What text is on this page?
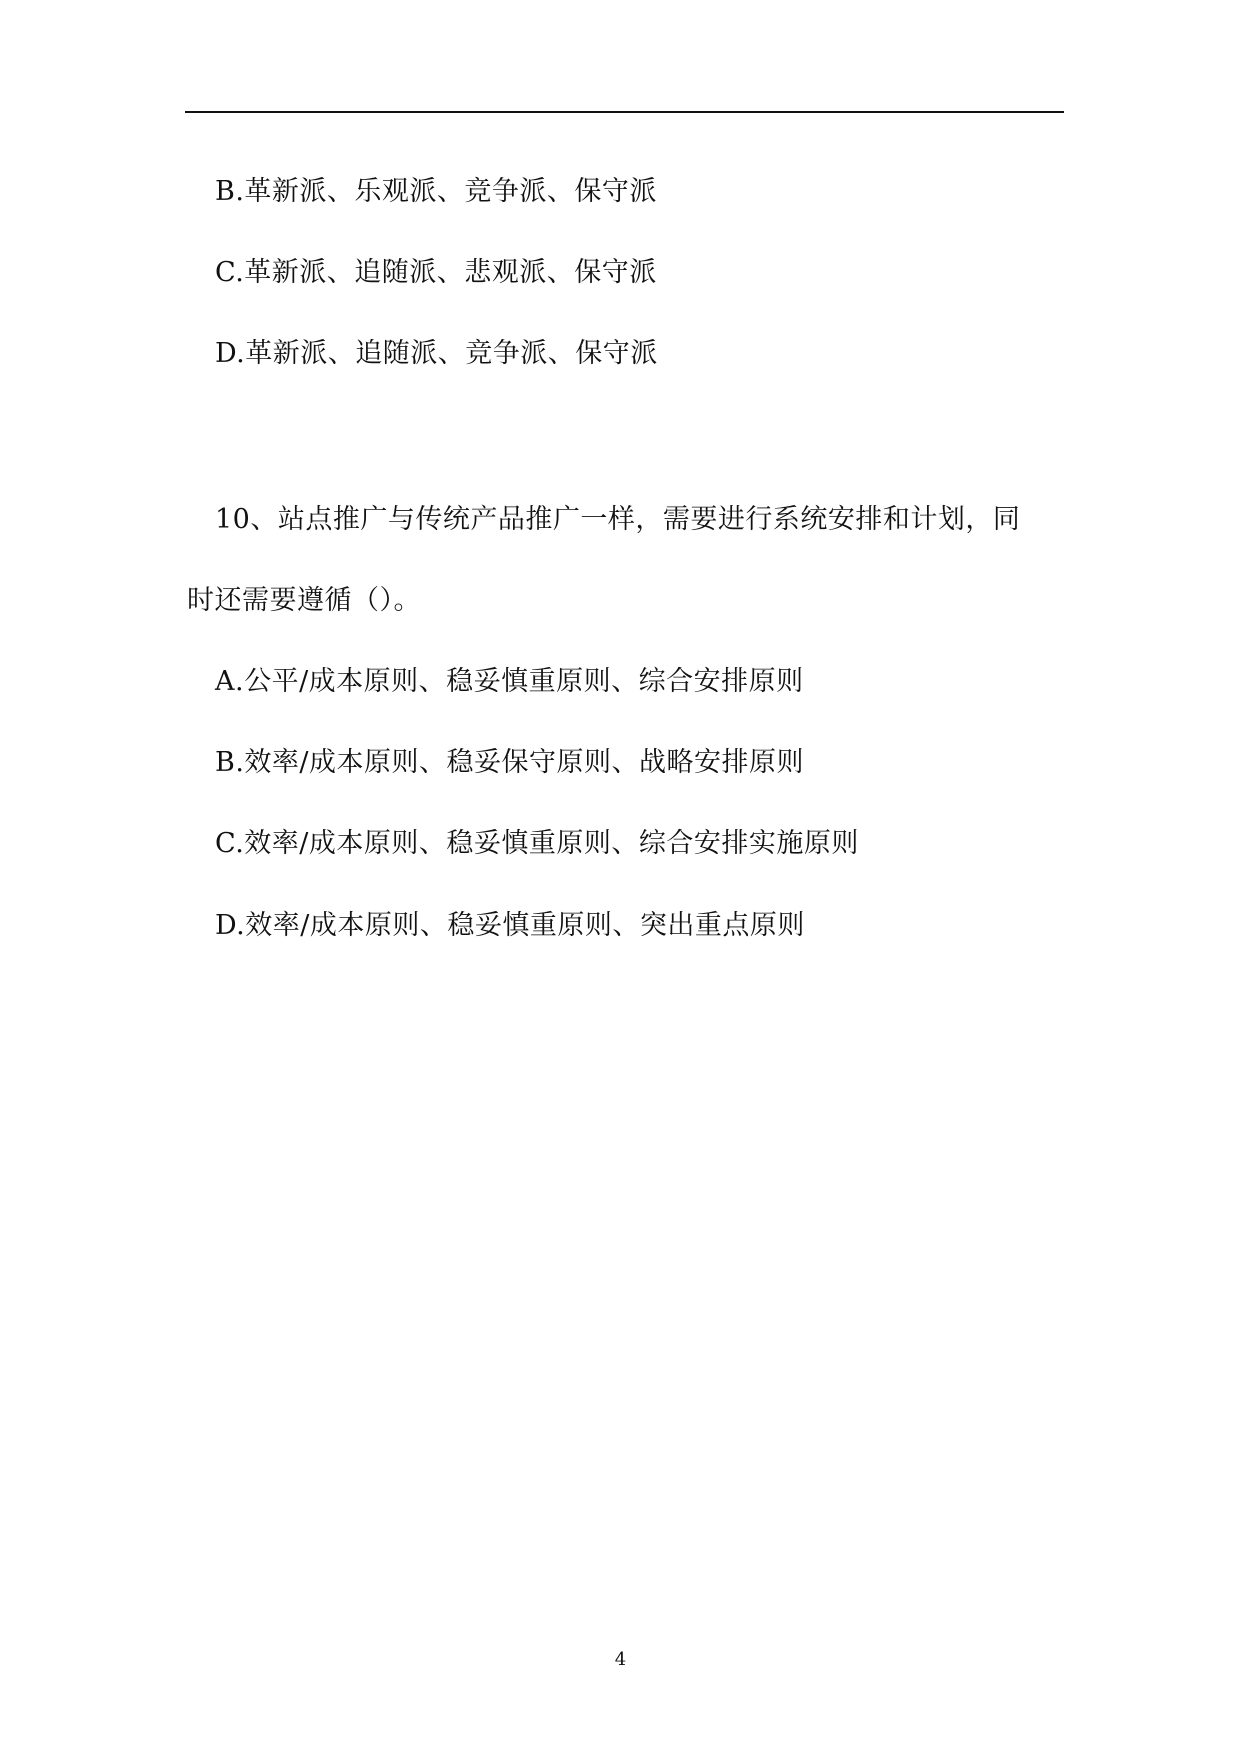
B.革新派、乐观派、竞争派、保守派
C.革新派、追随派、悲观派、保守派
D.革新派、追随派、竞争派、保守派
10、站点推广与传统产品推广一样，需要进行系统安排和计划，同
时还需要遵循（）。
A.公平/成本原则、稳妥慎重原则、综合安排原则
B.效率/成本原则、稳妥保守原则、战略安排原则
C.效率/成本原则、稳妥慎重原则、综合安排实施原则
D.效率/成本原则、稳妥慎重原则、突出重点原则
4
